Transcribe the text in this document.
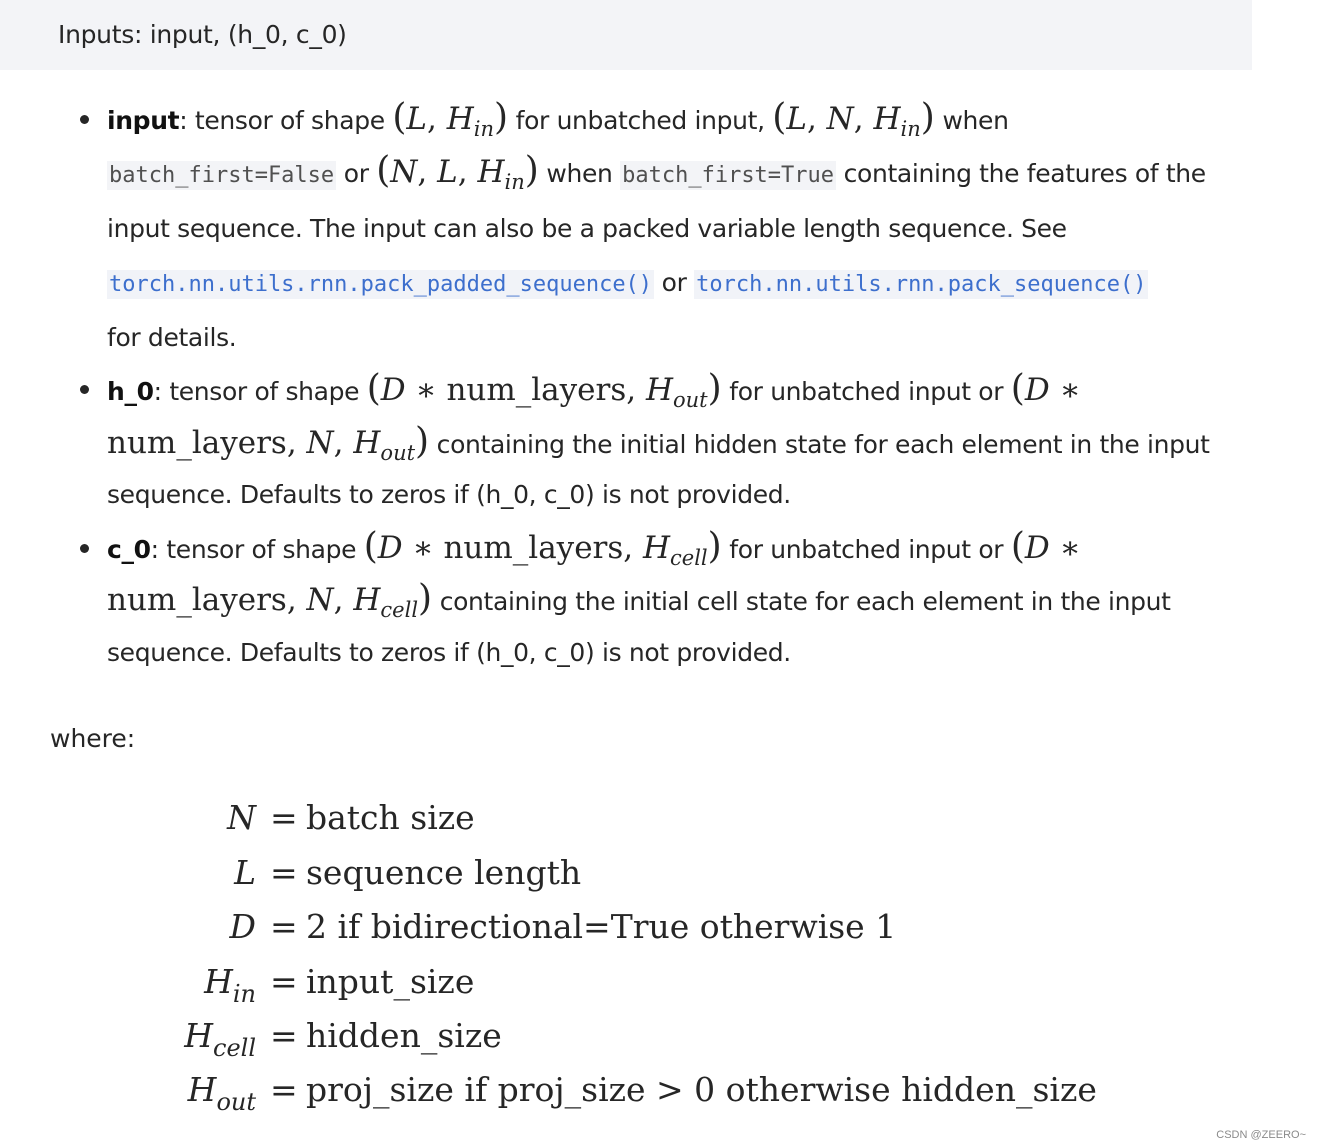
Inputs: input, (h_0, c_0)
input: tensor of shape (L, $H_{in}$) for unbatched input, (L, N, $H_{in}$) when
batch_first=False or (N, L, $H_{in}$) when batch_first=True containing the features of the
input sequence. The input can also be a packed variable length sequence. See
torch.nn.utils.rnn.pack_padded_sequence() or torch.nn.utils.rnn.pack_sequence()
for details.
h_0: tensor of shape (D ∗ num_layers, $H_{out}$) for unbatched input or (D ∗
num_layers, N, $H_{out}$) containing the initial hidden state for each element in the input
sequence. Defaults to zeros if (h_0, c_0) is not provided.
c_0: tensor of shape (D ∗ num_layers, $H_{cell}$) for unbatched input or (D ∗
num_layers, N, $H_{cell}$) containing the initial cell state for each element in the input
sequence. Defaults to zeros if (h_0, c_0) is not provided.
where:
N = batch size
L = sequence length
D = 2 if bidirectional=True otherwise 1
$H_{in}$ = input_size
$H_{cell}$ = hidden_size
$H_{out}$ = proj_size if proj_size > 0 otherwise hidden_size
CSDN @ZEERO~
